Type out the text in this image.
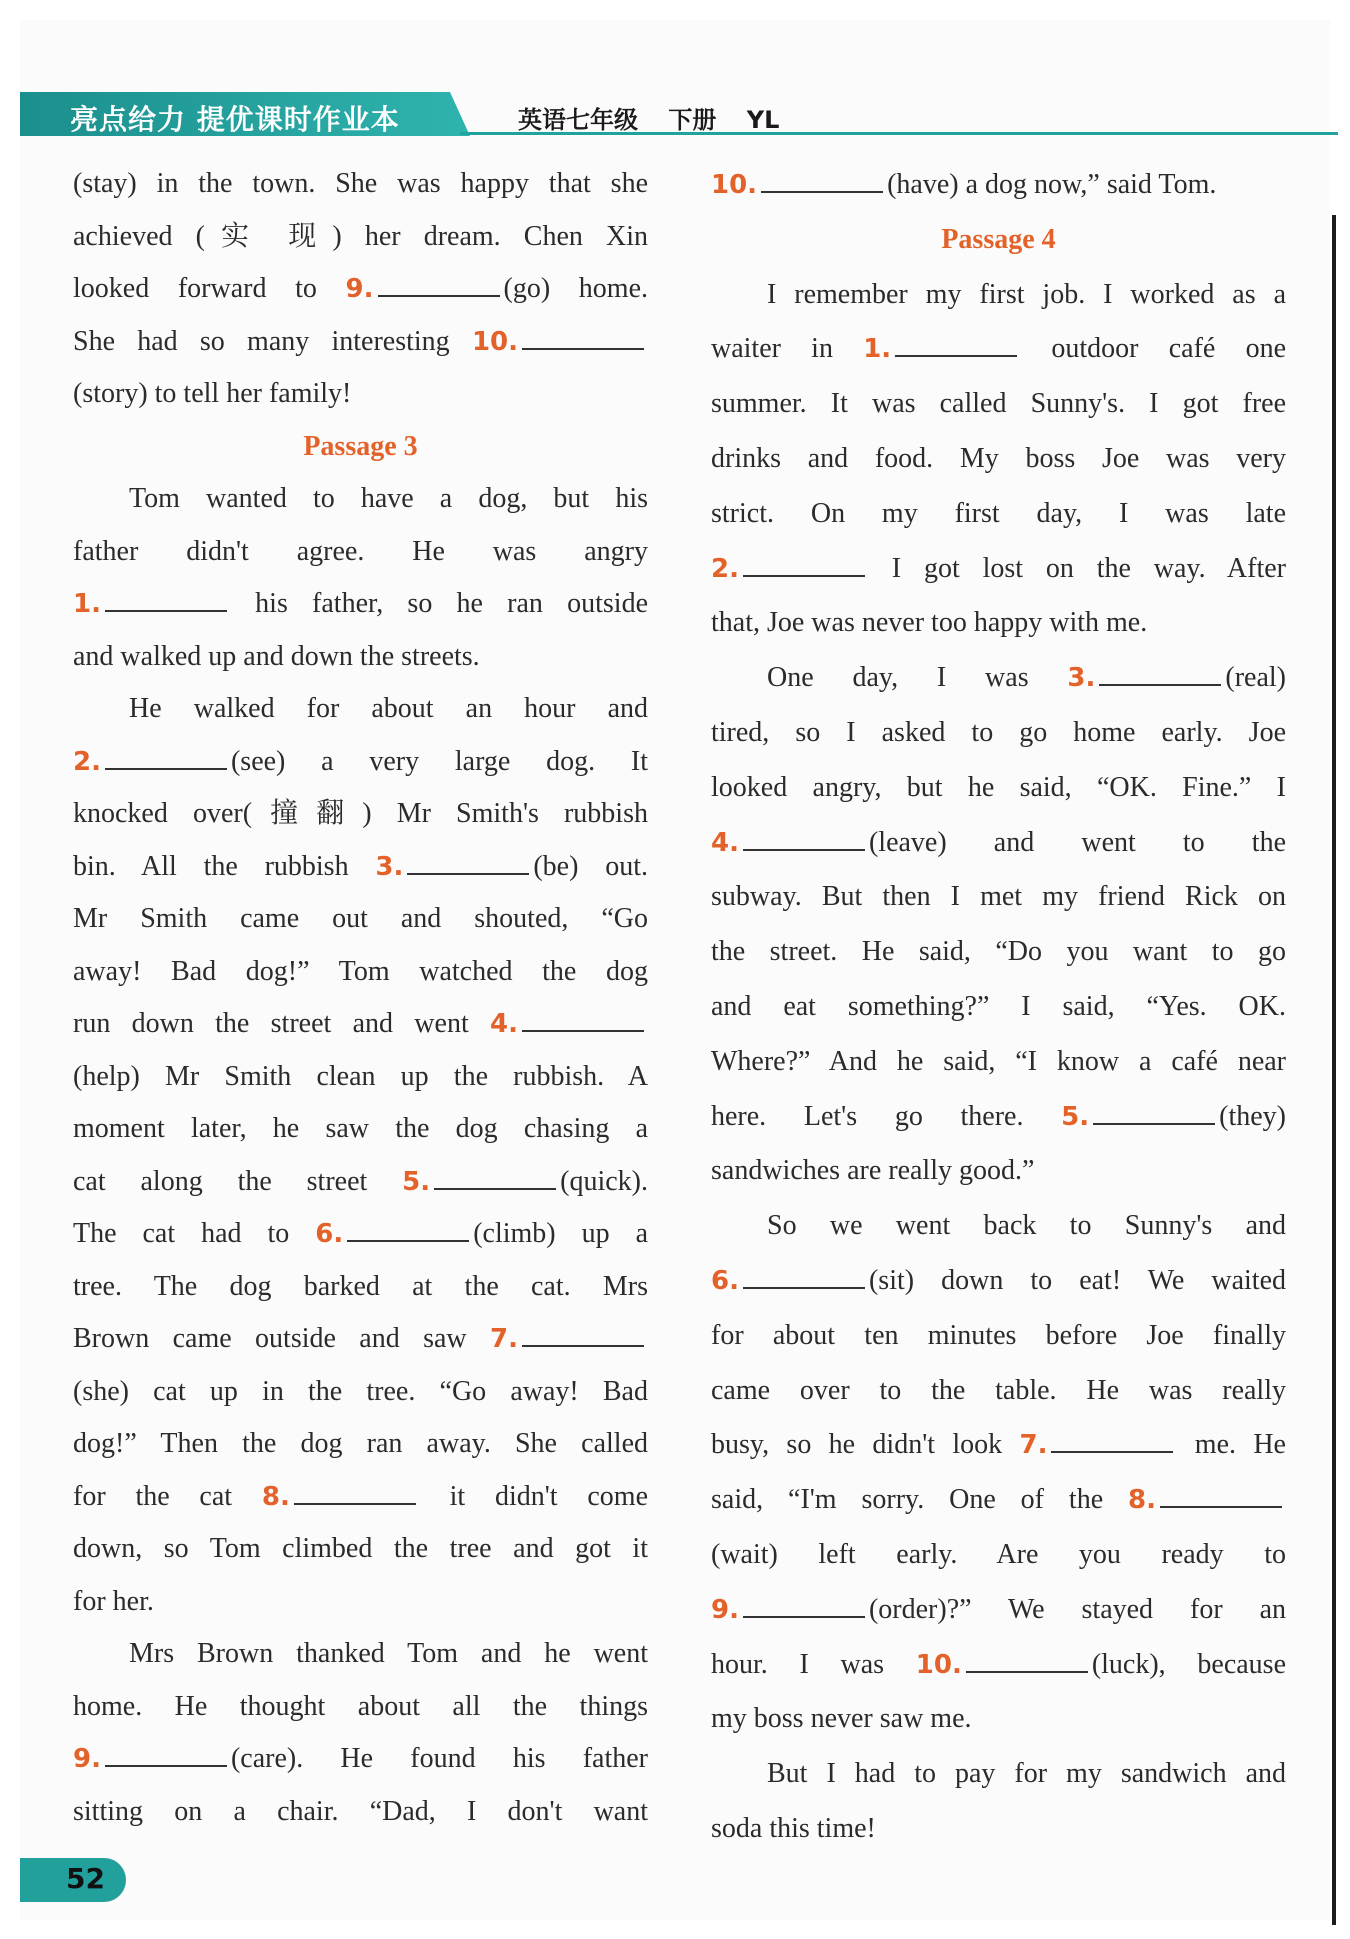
亮点给力 提优课时作业本	英语七年级 下册 YL

(stay) in the town. She was happy that she

achieved (实 现) her dream. Chen Xin

looked forward to 9.	(go) home.

She had so many interesting 10.

(story) to tell her family!

Passage 3

Tom wanted to have a dog, but his

father didn't agree. He was angry

1.	his father, so he ran outside

and walked up and down the streets.

He walked for about an hour and

2.	(see) a very large dog. It

knocked over(撞翻) Mr Smith's rubbish

bin. All the rubbish 3.	(be) out.

Mr Smith came out and shouted, “Go

away! Bad dog!” Tom watched the dog

run down the street and went 4.

(help) Mr Smith clean up the rubbish. A

moment later, he saw the dog chasing a

cat along the street 5.	(quick).

The cat had to 6.	(climb) up a

tree. The dog barked at the cat. Mrs

Brown came outside and saw 7.

(she) cat up in the tree. “Go away! Bad

dog!” Then the dog ran away. She called

for the cat 8.	it didn't come

down, so Tom climbed the tree and got it

for her.

Mrs Brown thanked Tom and he went

home. He thought about all the things

9.	(care). He found his father

sitting on a chair. “Dad, I don't want

10.	(have) a dog now,” said Tom.

Passage 4

I remember my first job. I worked as a

waiter in 1.	outdoor café one

summer. It was called Sunny's. I got free

drinks and food. My boss Joe was very

strict. On my first day, I was late

2.	I got lost on the way. After

that, Joe was never too happy with me.

One day, I was 3.	(real)

tired, so I asked to go home early. Joe

looked angry, but he said, “OK. Fine.” I

4.	(leave) and went to the

subway. But then I met my friend Rick on

the street. He said, “Do you want to go

and eat something?” I said, “Yes. OK.

Where?” And he said, “I know a café near

here. Let's go there. 5.	(they)

sandwiches are really good.”

So we went back to Sunny's and

6.	(sit) down to eat! We waited

for about ten minutes before Joe finally

came over to the table. He was really

busy, so he didn't look 7.	me. He

said, “I'm sorry. One of the 8.

(wait) left early. Are you ready to

9.	(order)?” We stayed for an

hour. I was 10.	(luck), because

my boss never saw me.

But I had to pay for my sandwich and

soda this time!

52
